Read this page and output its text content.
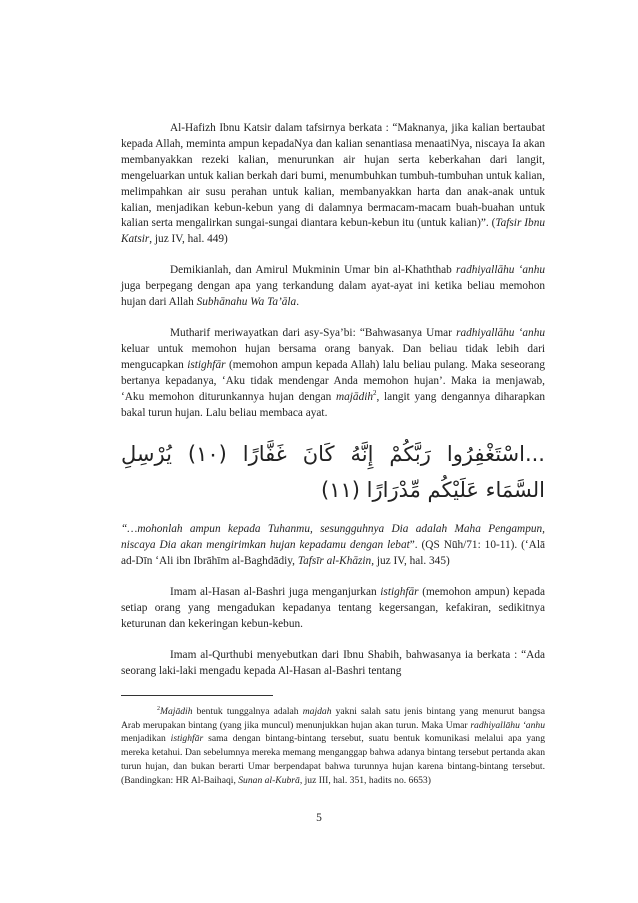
Al-Hafizh Ibnu Katsir dalam tafsirnya berkata : “Maknanya, jika kalian bertaubat kepada Allah, meminta ampun kepadaNya dan kalian senantiasa menaatiNya, niscaya Ia akan membanyakkan rezeki kalian, menurunkan air hujan serta keberkahan dari langit, mengeluarkan untuk kalian berkah dari bumi, menumbuhkan tumbuh-tumbuhan untuk kalian, melimpahkan air susu perahan untuk kalian, membanyakkan harta dan anak-anak untuk kalian, menjadikan kebun-kebun yang di dalamnya bermacam-macam buah-buahan untuk kalian serta mengalirkan sungai-sungai diantara kebun-kebun itu (untuk kalian)”. (Tafsir Ibnu Katsir, juz IV, hal. 449)

Demikianlah, dan Amirul Mukminin Umar bin al-Khaththab radhiyallāhu ‘anhu juga berpegang dengan apa yang terkandung dalam ayat-ayat ini ketika beliau memohon hujan dari Allah Subhānahu Wa Ta’āla.

Mutharif meriwayatkan dari asy-Sya’bi: “Bahwasanya Umar radhiyallāhu ‘anhu keluar untuk memohon hujan bersama orang banyak. Dan beliau tidak lebih dari mengucapkan istighfār (memohon ampun kepada Allah) lalu beliau pulang. Maka seseorang bertanya kepadanya, ‘Aku tidak mendengar Anda memohon hujan’. Maka ia menjawab, ‘Aku memohon diturunkannya hujan dengan majādih$^2$, langit yang dengannya diharapkan bakal turun hujan. Lalu beliau membaca ayat.

...اسْتَغْفِرُوا رَبَّكُمْ إِنَّهُ كَانَ غَفَّارًا (١٠) يُرْسِلِ السَّمَاء عَلَيْكُم مِّدْرَارًا (١١)

“…mohonlah ampun kepada Tuhanmu, sesungguhnya Dia adalah Maha Pengampun, niscaya Dia akan mengirimkan hujan kepadamu dengan lebat”. (QS Nūh/71: 10-11). (‘Alā ad-Dīn ‘Ali ibn Ibrāhīm al-Baghdādiy, Tafsīr al-Khāzin, juz IV, hal. 345)

Imam al-Hasan al-Bashri juga menganjurkan istighfār (memohon ampun) kepada setiap orang yang mengadukan kepadanya tentang kegersangan, kefakiran, sedikitnya keturunan dan kekeringan kebun-kebun.

Imam al-Qurthubi menyebutkan dari Ibnu Shabih, bahwasanya ia berkata : “Ada seorang laki-laki mengadu kepada Al-Hasan al-Bashri tentang

$^2$Majādih bentuk tunggalnya adalah majdah yakni salah satu jenis bintang yang menurut bangsa Arab merupakan bintang (yang jika muncul) menunjukkan hujan akan turun. Maka Umar radhiyallāhu ‘anhu menjadikan istighfār sama dengan bintang-bintang tersebut, suatu bentuk komunikasi melalui apa yang mereka ketahui. Dan sebelumnya mereka memang menganggap bahwa adanya bintang tersebut pertanda akan turun hujan, dan bukan berarti Umar berpendapat bahwa turunnya hujan karena bintang-bintang tersebut. (Bandingkan: HR Al-Baihaqi, Sunan al-Kubrā, juz III, hal. 351, hadits no. 6653)

5
